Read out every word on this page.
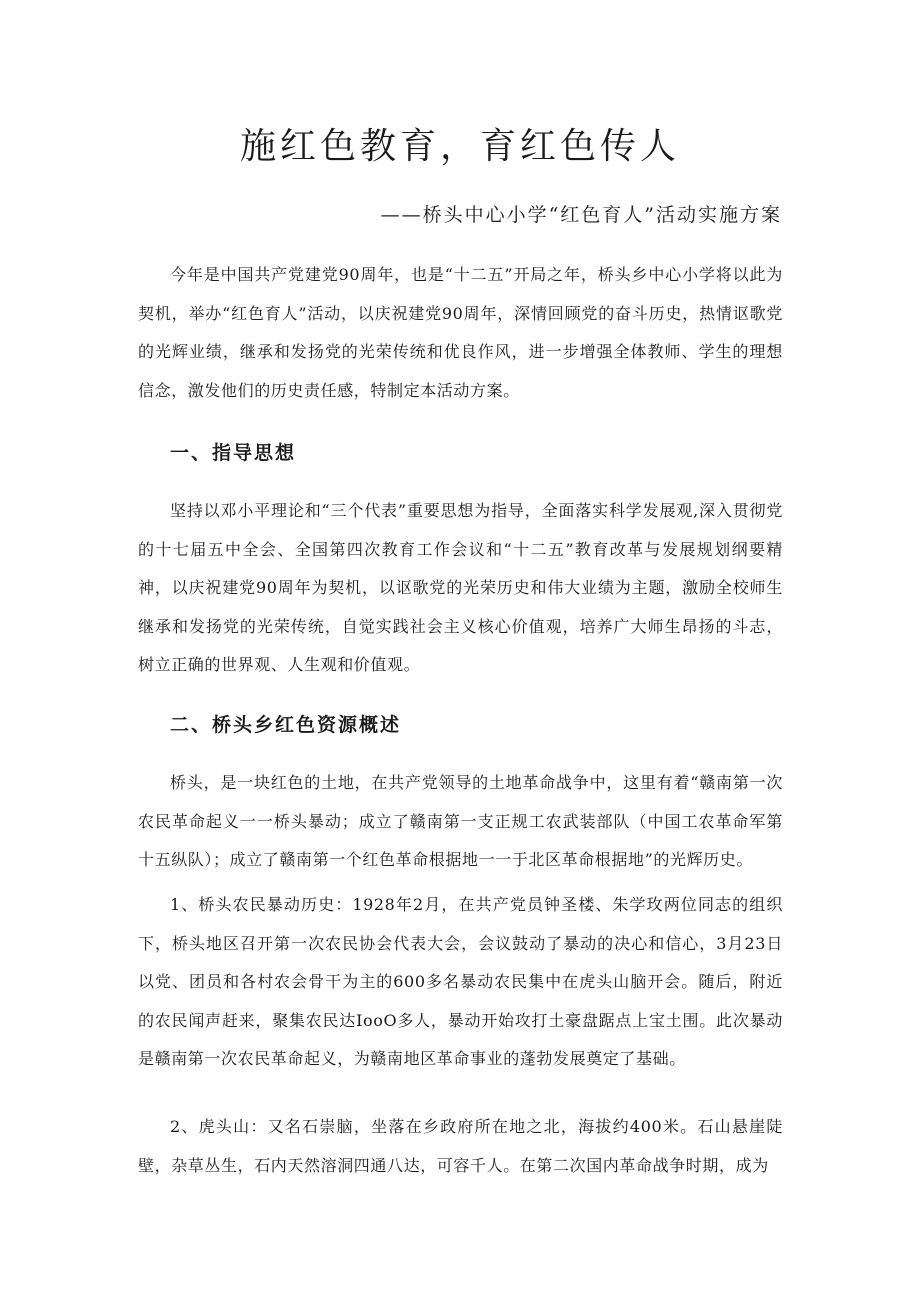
施红色教育，育红色传人

——桥头中心小学“红色育人”活动实施方案

今年是中国共产党建党90周年，也是“十二五”开局之年，桥头乡中心小学将以此为契机，举办“红色育人”活动，以庆祝建党90周年，深情回顾党的奋斗历史，热情讴歌党的光辉业绩，继承和发扬党的光荣传统和优良作风，进一步增强全体教师、学生的理想信念，激发他们的历史责任感，特制定本活动方案。

一、指导思想

坚持以邓小平理论和“三个代表”重要思想为指导，全面落实科学发展观,深入贯彻党的十七届五中全会、全国第四次教育工作会议和“十二五”教育改革与发展规划纲要精神，以庆祝建党90周年为契机，以讴歌党的光荣历史和伟大业绩为主题，激励全校师生继承和发扬党的光荣传统，自觉实践社会主义核心价值观，培养广大师生昂扬的斗志，树立正确的世界观、人生观和价值观。

二、桥头乡红色资源概述

桥头，是一块红色的土地，在共产党领导的土地革命战争中，这里有着“赣南第一次农民革命起义一一桥头暴动；成立了赣南第一支正规工农武装部队（中国工农革命军第十五纵队）；成立了赣南第一个红色革命根据地一一于北区革命根据地”的光辉历史。

1、桥头农民暴动历史：1928年2月，在共产党员钟圣楼、朱学玫两位同志的组织下，桥头地区召开第一次农民协会代表大会，会议鼓动了暴动的决心和信心，3月23日以党、团员和各村农会骨干为主的600多名暴动农民集中在虎头山脑开会。随后，附近的农民闻声赶来，聚集农民达IooO多人，暴动开始攻打土豪盘踞点上宝土围。此次暴动是赣南第一次农民革命起义，为赣南地区革命事业的蓬勃发展奠定了基础。

2、虎头山：又名石崇脑，坐落在乡政府所在地之北，海拔约400米。石山悬崖陡壁，杂草丛生，石内天然溶洞四通八达，可容千人。在第二次国内革命战争时期，成为
